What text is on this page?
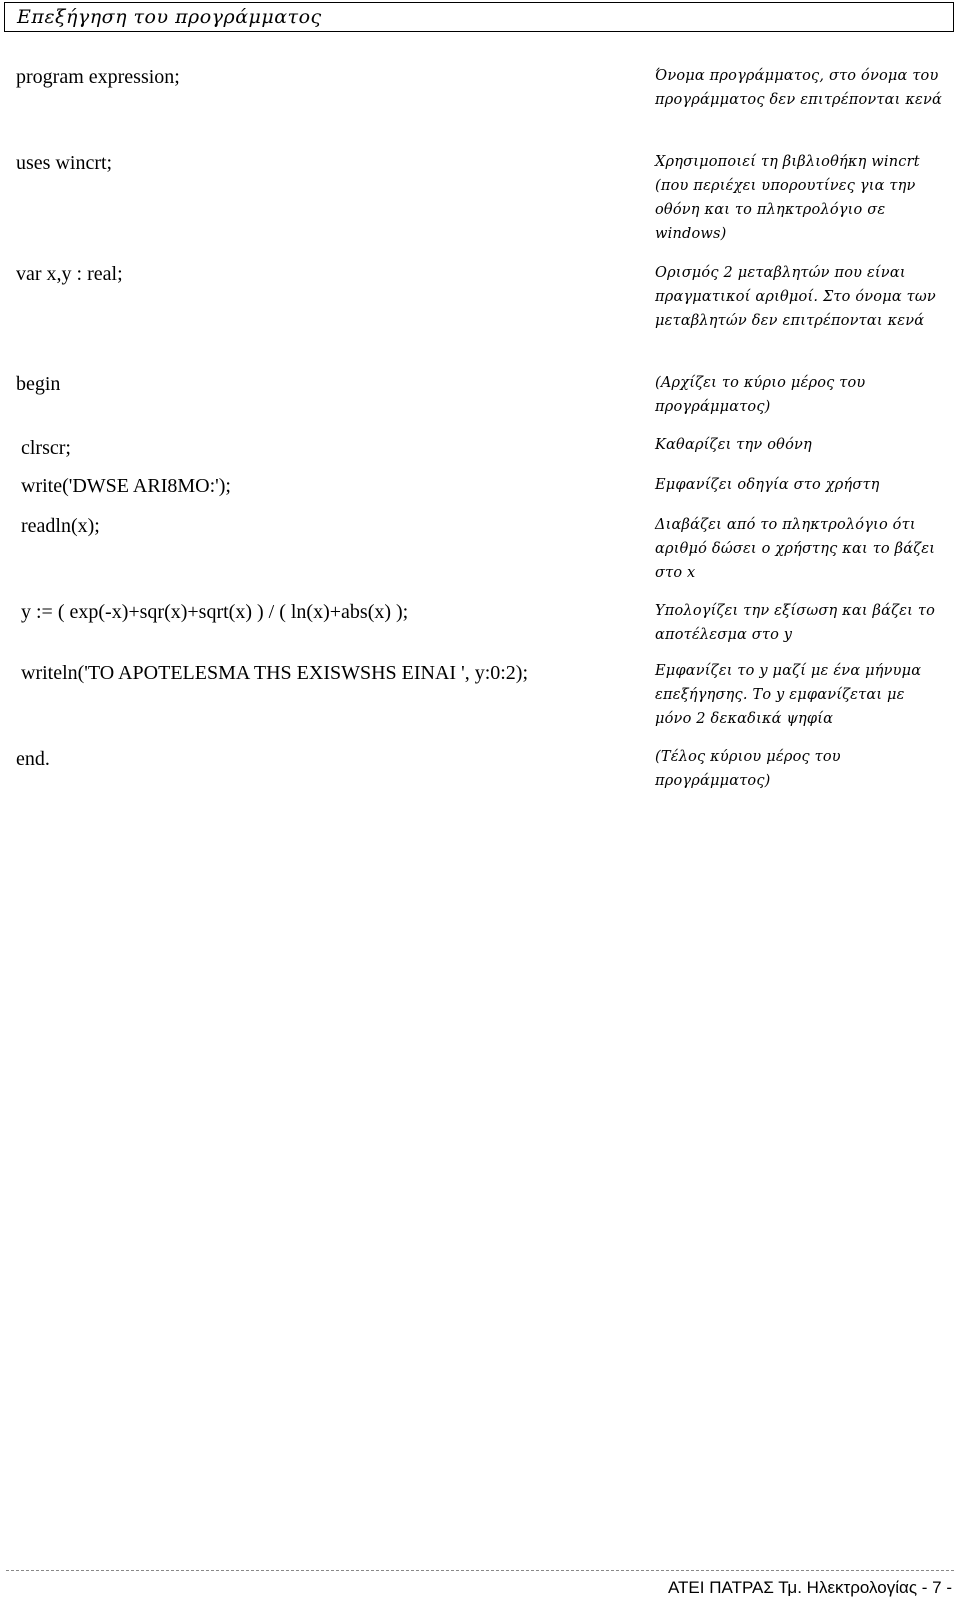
Επεξήγηση του προγράμματος
program expression;
uses wincrt;
var x,y : real;
begin
clrscr;
write('DWSE ARI8MO:');
readln(x);
y := ( exp(-x)+sqr(x)+sqrt(x) ) / ( ln(x)+abs(x) );
writeln('TO APOTELESMA THS EXISWSHS EINAI ', y:0:2);
end.
Όνομα προγράμματος, στο όνομα του προγράμματος δεν επιτρέπονται κενά
Χρησιμοποιεί τη βιβλιοθήκη wincrt (που περιέχει υπορουτίνες για την οθόνη και το πληκτρολόγιο σε windows)
Ορισμός 2 μεταβλητών που είναι πραγματικοί αριθμοί. Στο όνομα των μεταβλητών δεν επιτρέπονται κενά
(Αρχίζει το κύριο μέρος του προγράμματος)
Καθαρίζει την οθόνη
Εμφανίζει οδηγία στο χρήστη
Διαβάζει από το πληκτρολόγιο ότι αριθμό δώσει ο χρήστης και το βάζει στο x
Υπολογίζει την εξίσωση και βάζει το αποτέλεσμα στο y
Εμφανίζει το y μαζί με ένα μήνυμα επεξήγησης. Το y εμφανίζεται με μόνο 2 δεκαδικά ψηφία
(Τέλος κύριου μέρος του προγράμματος)
ΑΤΕΙ ΠΑΤΡΑΣ Τμ. Ηλεκτρολογίας - 7 -
